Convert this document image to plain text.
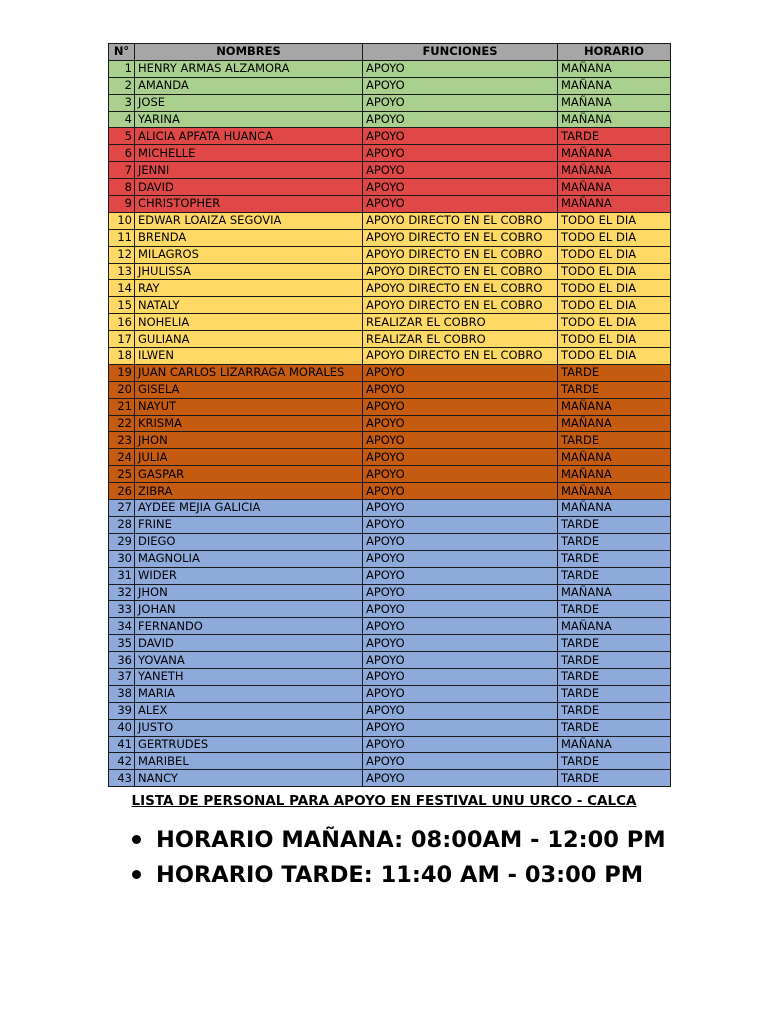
N°	NOMBRES	FUNCIONES	HORARIO
1	HENRY ARMAS ALZAMORA	APOYO	MAÑANA
2	AMANDA	APOYO	MAÑANA
3	JOSE	APOYO	MAÑANA
4	YARINA	APOYO	MAÑANA
5	ALICIA APFATA HUANCA	APOYO	TARDE
6	MICHELLE	APOYO	MAÑANA
7	JENNI	APOYO	MAÑANA
8	DAVID	APOYO	MAÑANA
9	CHRISTOPHER	APOYO	MAÑANA
10	EDWAR LOAIZA SEGOVIA	APOYO DIRECTO EN EL COBRO	TODO EL DIA
11	BRENDA	APOYO DIRECTO EN EL COBRO	TODO EL DIA
12	MILAGROS	APOYO DIRECTO EN EL COBRO	TODO EL DIA
13	JHULISSA	APOYO DIRECTO EN EL COBRO	TODO EL DIA
14	RAY	APOYO DIRECTO EN EL COBRO	TODO EL DIA
15	NATALY	APOYO DIRECTO EN EL COBRO	TODO EL DIA
16	NOHELIA	REALIZAR EL COBRO	TODO EL DIA
17	GULIANA	REALIZAR EL COBRO	TODO EL DIA
18	ILWEN	APOYO DIRECTO EN EL COBRO	TODO EL DIA
19	JUAN CARLOS LIZARRAGA MORALES	APOYO	TARDE
20	GISELA	APOYO	TARDE
21	NAYUT	APOYO	MAÑANA
22	KRISMA	APOYO	MAÑANA
23	JHON	APOYO	TARDE
24	JULIA	APOYO	MAÑANA
25	GASPAR	APOYO	MAÑANA
26	ZIBRA	APOYO	MAÑANA
27	AYDEE MEJIA GALICIA	APOYO	MAÑANA
28	FRINE	APOYO	TARDE
29	DIEGO	APOYO	TARDE
30	MAGNOLIA	APOYO	TARDE
31	WIDER	APOYO	TARDE
32	JHON	APOYO	MAÑANA
33	JOHAN	APOYO	TARDE
34	FERNANDO	APOYO	MAÑANA
35	DAVID	APOYO	TARDE
36	YOVANA	APOYO	TARDE
37	YANETH	APOYO	TARDE
38	MARIA	APOYO	TARDE
39	ALEX	APOYO	TARDE
40	JUSTO	APOYO	TARDE
41	GERTRUDES	APOYO	MAÑANA
42	MARIBEL	APOYO	TARDE
43	NANCY	APOYO	TARDE
LISTA DE PERSONAL PARA APOYO EN FESTIVAL UNU URCO - CALCA
HORARIO MAÑANA: 08:00AM - 12:00 PM
HORARIO TARDE: 11:40 AM - 03:00 PM
